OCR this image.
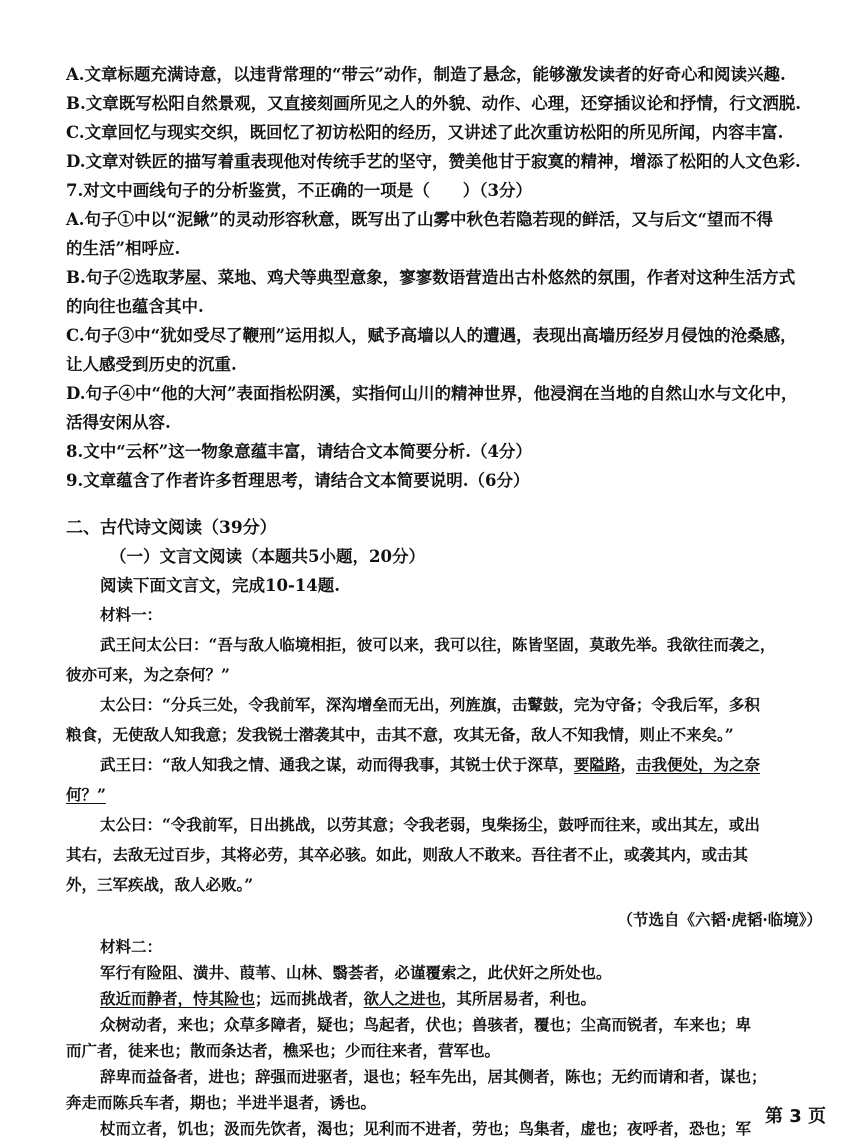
A.文章标题充满诗意，以违背常理的“带云”动作，制造了悬念，能够激发读者的好奇心和阅读兴趣.
B.文章既写松阳自然景观，又直接刻画所见之人的外貌、动作、心理，还穿插议论和抒情，行文洒脱.
C.文章回忆与现实交织，既回忆了初访松阳的经历，又讲述了此次重访松阳的所见所闻，内容丰富.
D.文章对铁匠的描写着重表现他对传统手艺的坚守，赞美他甘于寂寞的精神，增添了松阳的人文色彩.
7.对文中画线句子的分析鉴赏，不正确的一项是（　　）（3分）
A.句子①中以“泥鳅”的灵动形容秋意，既写出了山雾中秋色若隐若现的鲜活，又与后文“望而不得
的生活”相呼应.
B.句子②选取茅屋、菜地、鸡犬等典型意象，寥寥数语营造出古朴悠然的氛围，作者对这种生活方式
的向往也蕴含其中.
C.句子③中“犹如受尽了鞭刑”运用拟人，赋予高墙以人的遭遇，表现出高墙历经岁月侵蚀的沧桑感，
让人感受到历史的沉重.
D.句子④中“他的大河”表面指松阴溪，实指何山川的精神世界，他浸润在当地的自然山水与文化中，
活得安闲从容.
8.文中“云杯”这一物象意蕴丰富，请结合文本简要分析.（4分）
9.文章蕴含了作者许多哲理思考，请结合文本简要说明.（6分）
二、古代诗文阅读（39分）
（一）文言文阅读（本题共5小题，20分）
阅读下面文言文，完成10-14题.
材料一：
武王问太公曰：“吾与敌人临境相拒，彼可以来，我可以往，陈皆坚固，莫敢先举。我欲往而袭之，
彼亦可来，为之奈何？”
太公曰：“分兵三处，令我前军，深沟增垒而无出，列旌旗，击鼙鼓，完为守备；令我后军，多积
粮食，无使敌人知我意；发我锐士潜袭其中，击其不意，攻其无备，敌人不知我情，则止不来矣。”
武王曰：“敌人知我之情、通我之谋，动而得我事，其锐士伏于深草，要隘路，击我便处，为之奈
何？”
太公曰：“令我前军，日出挑战，以劳其意；令我老弱，曳柴扬尘，鼓呼而往来，或出其左，或出
其右，去敌无过百步，其将必劳，其卒必骇。如此，则敌人不敢来。吾往者不止，或袭其内，或击其
外，三军疾战，敌人必败。”
（节选自《六韬·虎韬·临境》）
材料二：
军行有险阻、潢井、葭苇、山林、翳荟者，必谨覆索之，此伏奸之所处也。
敌近而静者，恃其险也；远而挑战者，欲人之进也，其所居易者，利也。
众树动者，来也；众草多障者，疑也；鸟起者，伏也；兽骇者，覆也；尘高而锐者，车来也；卑
而广者，徒来也；散而条达者，樵采也；少而往来者，营军也。
第 3 页
辞卑而益备者，进也；辞强而进驱者，退也；轻车先出，居其侧者，陈也；无约而请和者，谋也；
奔走而陈兵车者，期也；半进半退者，诱也。
杖而立者，饥也；汲而先饮者，渴也；见利而不进者，劳也；鸟集者，虚也；夜呼者，恐也；军
